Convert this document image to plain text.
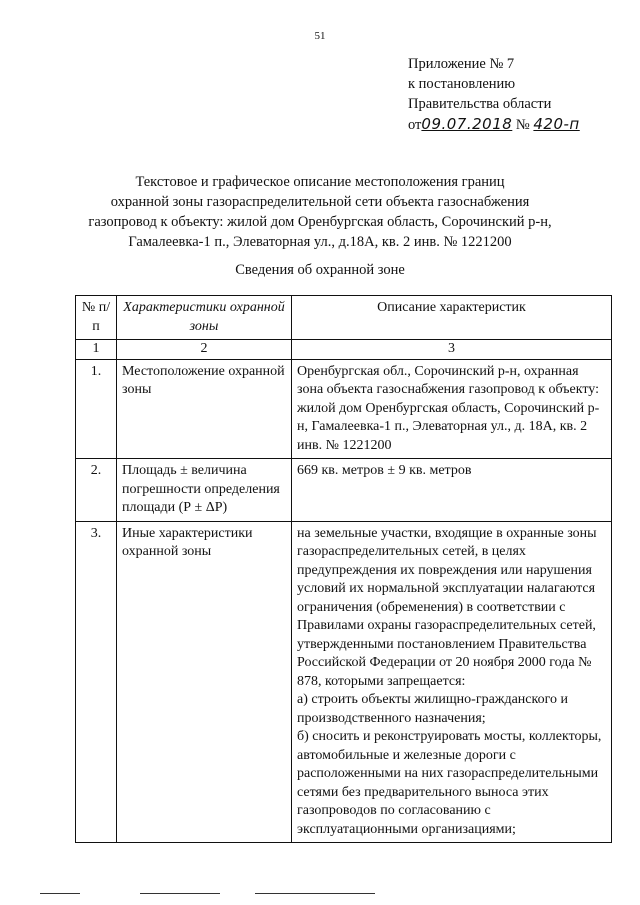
51
Приложение № 7
к постановлению
Правительства области
от09.07.2018 № 420-п
Текстовое и графическое описание местоположения границ
охранной зоны газораспределительной сети объекта газоснабжения
газопровод к объекту: жилой дом Оренбургская область, Сорочинский р-н,
Гамалеевка-1 п., Элеваторная ул., д.18А, кв. 2 инв. № 1221200
Сведения об охранной зоне
№ п/п	Характеристики охранной зоны	Описание характеристик
1	2	3
1.	Местоположение охранной зоны	Оренбургская обл., Сорочинский р-н, охранная зона объекта газоснабжения газопровод к объекту: жилой дом Оренбургская область, Сорочинский р-н, Гамалеевка-1 п., Элеваторная ул., д. 18А, кв. 2 инв. № 1221200
2.	Площадь ± величина погрешности определения площади (Р ± ΔР)	669 кв. метров ± 9 кв. метров
3.	Иные характеристики охранной зоны	на земельные участки, входящие в охранные зоны газораспределительных сетей, в целях предупреждения их повреждения или нарушения условий их нормальной эксплуатации налагаются ограничения (обременения) в соответствии с Правилами охраны газораспределительных сетей, утвержденными постановлением Правительства Российской Федерации от 20 ноября 2000 года № 878, которыми запрещается:
а) строить объекты жилищно-гражданского и производственного назначения;
б) сносить и реконструировать мосты, коллекторы, автомобильные и железные дороги с расположенными на них газораспределительными сетями без предварительного выноса этих газопроводов по согласованию с эксплуатационными организациями;
